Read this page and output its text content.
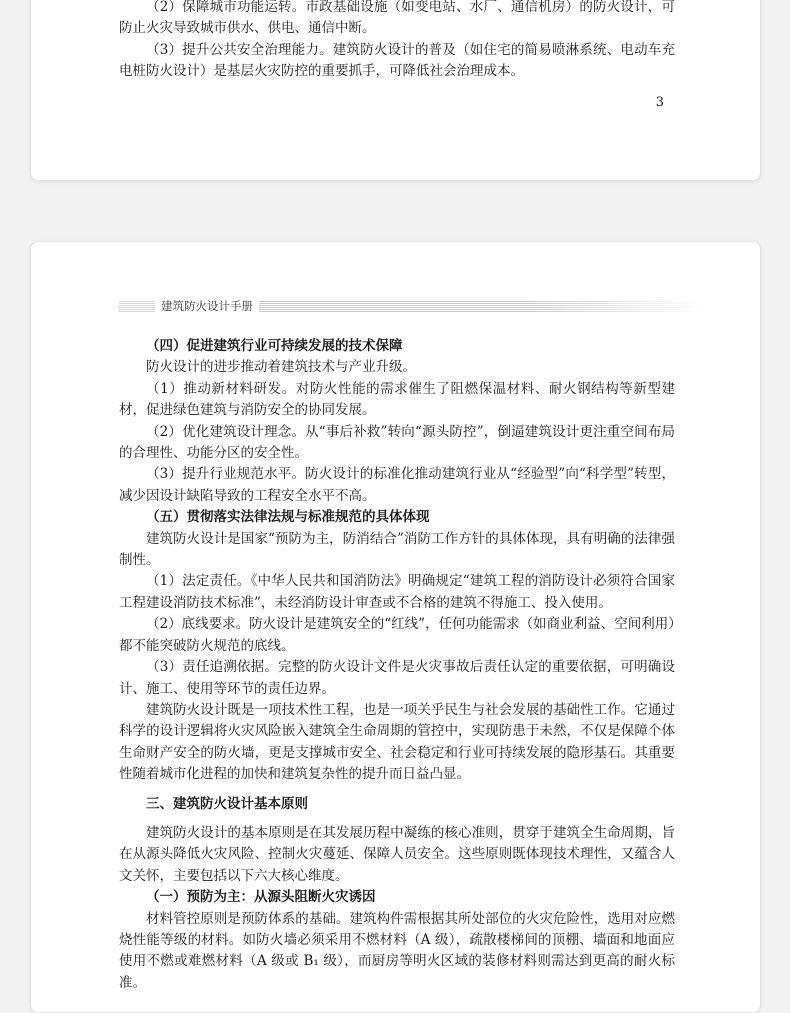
（2）保障城市功能运转。市政基础设施（如变电站、水厂、通信机房）的防火设计，可防止火灾导致城市供水、供电、通信中断。

（3）提升公共安全治理能力。建筑防火设计的普及（如住宅的简易喷淋系统、电动车充电桩防火设计）是基层火灾防控的重要抓手，可降低社会治理成本。

3
建筑防火设计手册

（四）促进建筑行业可持续发展的技术保障

防火设计的进步推动着建筑技术与产业升级。

（1）推动新材料研发。对防火性能的需求催生了阻燃保温材料、耐火钢结构等新型建材，促进绿色建筑与消防安全的协同发展。

（2）优化建筑设计理念。从“事后补救”转向“源头防控”，倒逼建筑设计更注重空间布局的合理性、功能分区的安全性。

（3）提升行业规范水平。防火设计的标准化推动建筑行业从“经验型”向“科学型”转型，减少因设计缺陷导致的工程安全水平不高。

（五）贯彻落实法律法规与标准规范的具体体现

建筑防火设计是国家“预防为主，防消结合”消防工作方针的具体体现，具有明确的法律强制性。

（1）法定责任。《中华人民共和国消防法》明确规定“建筑工程的消防设计必须符合国家工程建设消防技术标准”，未经消防设计审查或不合格的建筑不得施工、投入使用。

（2）底线要求。防火设计是建筑安全的“红线”，任何功能需求（如商业利益、空间利用）都不能突破防火规范的底线。

（3）责任追溯依据。完整的防火设计文件是火灾事故后责任认定的重要依据，可明确设计、施工、使用等环节的责任边界。

建筑防火设计既是一项技术性工程，也是一项关乎民生与社会发展的基础性工作。它通过科学的设计逻辑将火灾风险嵌入建筑全生命周期的管控中，实现防患于未然，不仅是保障个体生命财产安全的防火墙，更是支撑城市安全、社会稳定和行业可持续发展的隐形基石。其重要性随着城市化进程的加快和建筑复杂性的提升而日益凸显。

三、建筑防火设计基本原则

建筑防火设计的基本原则是在其发展历程中凝练的核心准则，贯穿于建筑全生命周期，旨在从源头降低火灾风险、控制火灾蔓延、保障人员安全。这些原则既体现技术理性，又蕴含人文关怀，主要包括以下六大核心维度。

（一）预防为主：从源头阻断火灾诱因

材料管控原则是预防体系的基础。建筑构件需根据其所处部位的火灾危险性，选用对应燃烧性能等级的材料。如防火墙必须采用不燃材料（A 级），疏散楼梯间的顶棚、墙面和地面应使用不燃或难燃材料（A 级或 B₁ 级），而厨房等明火区域的装修材料则需达到更高的耐火标准。
